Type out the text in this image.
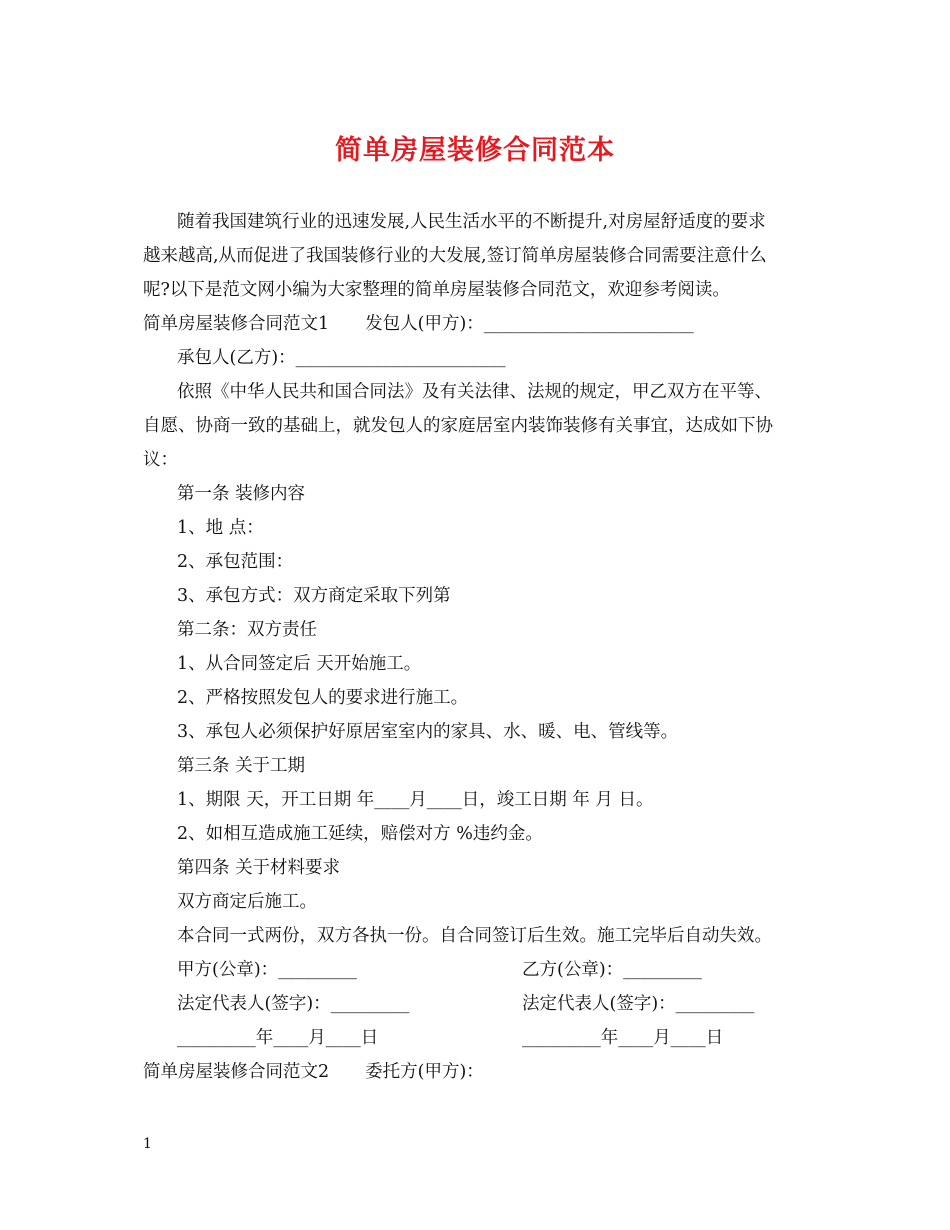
简单房屋装修合同范本
随着我国建筑行业的迅速发展,人民生活水平的不断提升,对房屋舒适度的要求
越来越高,从而促进了我国装修行业的大发展,签订简单房屋装修合同需要注意什么
呢?以下是范文网小编为大家整理的简单房屋装修合同范文，欢迎参考阅读。
简单房屋装修合同范文1 发包人(甲方)：________________________
承包人(乙方)：________________________
依照《中华人民共和国合同法》及有关法律、法规的规定，甲乙双方在平等、
自愿、协商一致的基础上，就发包人的家庭居室内装饰装修有关事宜，达成如下协
议：
第一条 装修内容
1、地 点：
2、承包范围：
3、承包方式：双方商定采取下列第
第二条：双方责任
1、从合同签定后 天开始施工。
2、严格按照发包人的要求进行施工。
3、承包人必须保护好原居室室内的家具、水、暖、电、管线等。
第三条 关于工期
1、期限 天，开工日期 年____月____日，竣工日期 年 月 日。
2、如相互造成施工延续，赔偿对方 %违约金。
第四条 关于材料要求
双方商定后施工。
本合同一式两份，双方各执一份。自合同签订后生效。施工完毕后自动失效。
甲方(公章)：_________	乙方(公章)：_________
法定代表人(签字)：_________	法定代表人(签字)：_________
_________年____月____日	_________年____月____日
简单房屋装修合同范文2 委托方(甲方)：
1
